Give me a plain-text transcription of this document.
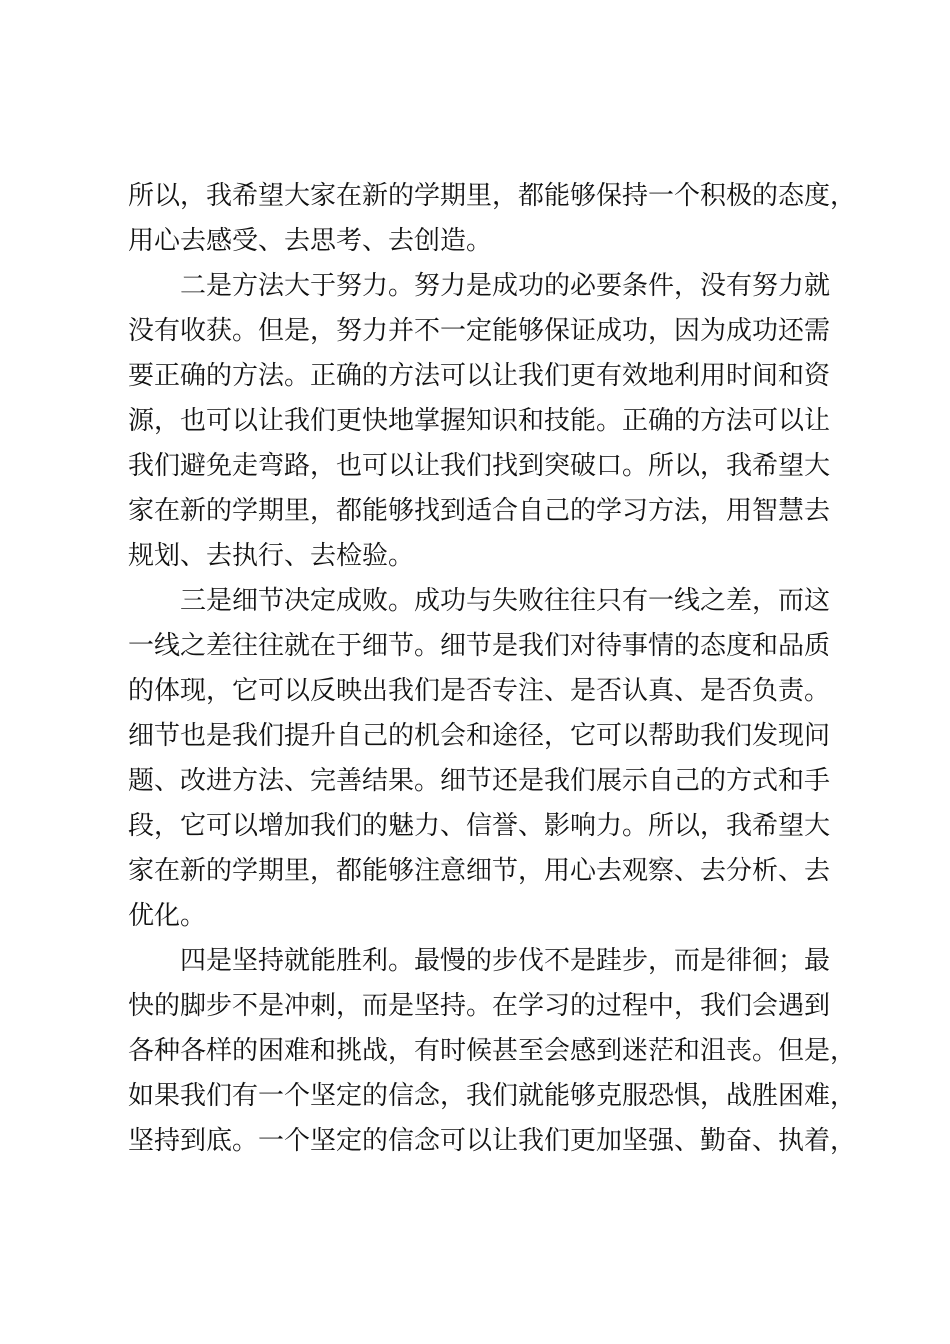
所以，我希望大家在新的学期里，都能够保持一个积极的态度，
用心去感受、去思考、去创造。
二是方法大于努力。努力是成功的必要条件，没有努力就
没有收获。但是，努力并不一定能够保证成功，因为成功还需
要正确的方法。正确的方法可以让我们更有效地利用时间和资
源，也可以让我们更快地掌握知识和技能。正确的方法可以让
我们避免走弯路，也可以让我们找到突破口。所以，我希望大
家在新的学期里，都能够找到适合自己的学习方法，用智慧去
规划、去执行、去检验。
三是细节决定成败。成功与失败往往只有一线之差，而这
一线之差往往就在于细节。细节是我们对待事情的态度和品质
的体现，它可以反映出我们是否专注、是否认真、是否负责。
细节也是我们提升自己的机会和途径，它可以帮助我们发现问
题、改进方法、完善结果。细节还是我们展示自己的方式和手
段，它可以增加我们的魅力、信誉、影响力。所以，我希望大
家在新的学期里，都能够注意细节，用心去观察、去分析、去
优化。
四是坚持就能胜利。最慢的步伐不是跬步，而是徘徊；最
快的脚步不是冲刺，而是坚持。在学习的过程中，我们会遇到
各种各样的困难和挑战，有时候甚至会感到迷茫和沮丧。但是，
如果我们有一个坚定的信念，我们就能够克服恐惧，战胜困难，
坚持到底。一个坚定的信念可以让我们更加坚强、勤奋、执着，
